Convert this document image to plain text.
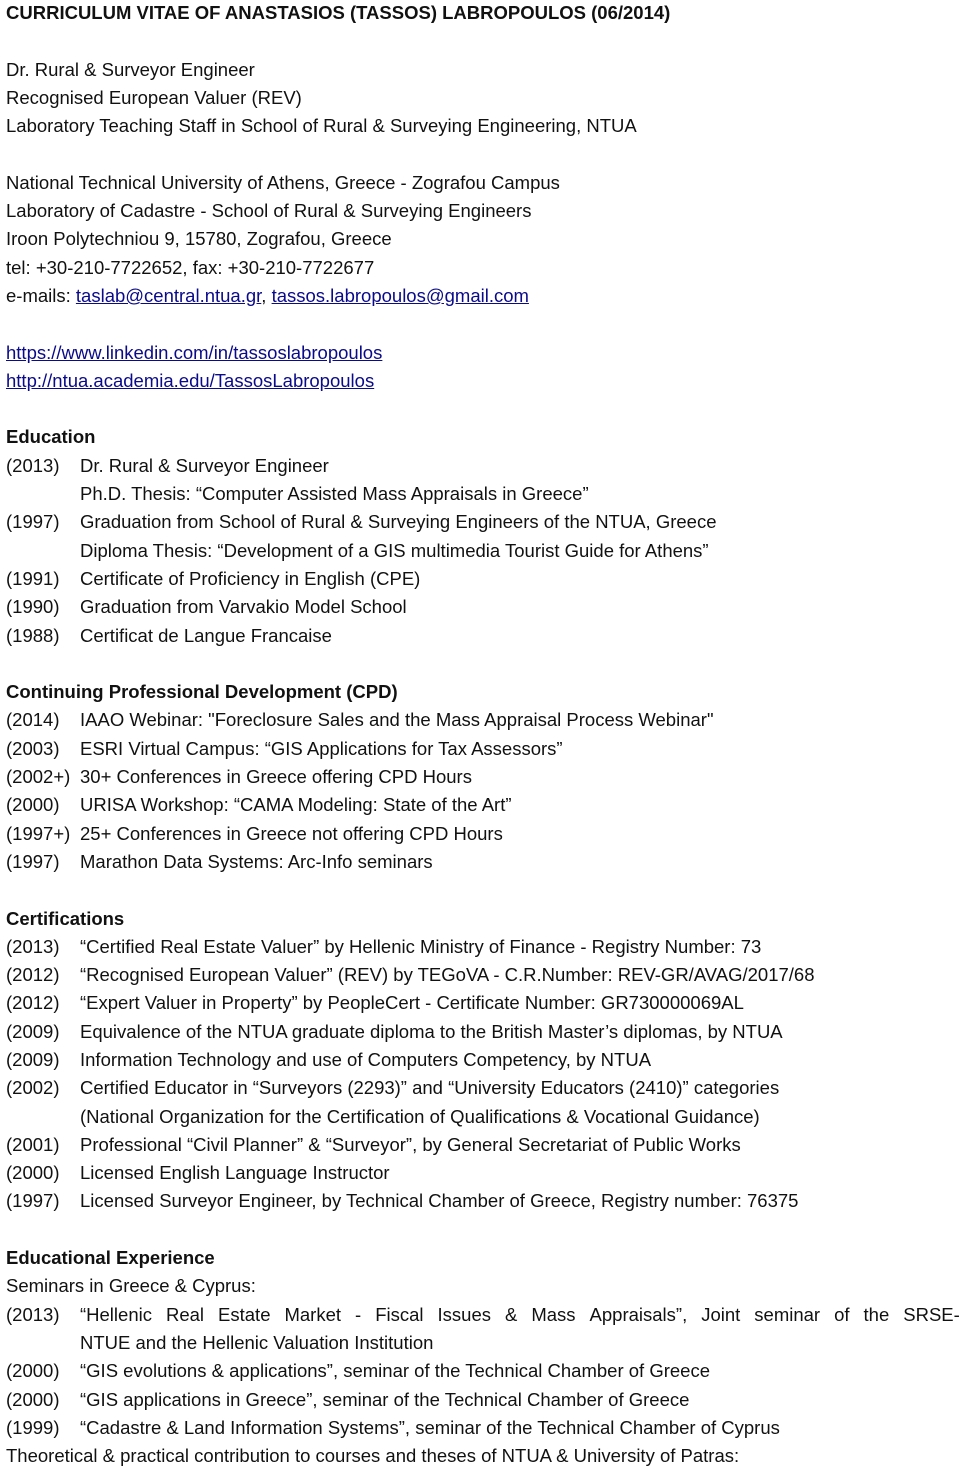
CURRICULUM VITAE OF ANASTASIOS (TASSOS) LABROPOULOS (06/2014)
Dr. Rural & Surveyor Engineer
Recognised European Valuer (REV)
Laboratory Teaching Staff in School of Rural & Surveying Engineering, NTUA
National Technical University of Athens, Greece - Zografou Campus
Laboratory of Cadastre - School of Rural & Surveying Engineers
Iroon Polytechniou 9, 15780, Zografou, Greece
tel: +30-210-7722652, fax: +30-210-7722677
e-mails: taslab@central.ntua.gr, tassos.labropoulos@gmail.com
https://www.linkedin.com/in/tassoslabropoulos
http://ntua.academia.edu/TassosLabropoulos
Education
(2013)	Dr. Rural & Surveyor Engineer
Ph.D. Thesis: “Computer Assisted Mass Appraisals in Greece”
(1997)	Graduation from School of Rural & Surveying Engineers of the NTUA, Greece
Diploma Thesis: “Development of a GIS multimedia Tourist Guide for Athens”
(1991)	Certificate of Proficiency in English (CPE)
(1990)	Graduation from Varvakio Model School
(1988)	Certificat de Langue Francaise
Continuing Professional Development (CPD)
(2014)	IAAO Webinar: "Foreclosure Sales and the Mass Appraisal Process Webinar"
(2003)	ESRI Virtual Campus: “GIS Applications for Tax Assessors”
(2002+) 30+ Conferences in Greece offering CPD Hours
(2000)	URISA Workshop: “CAMA Modeling: State of the Art”
(1997+) 25+ Conferences in Greece not offering CPD Hours
(1997)	Marathon Data Systems: Arc-Info seminars
Certifications
(2013)	“Certified Real Estate Valuer” by Hellenic Ministry of Finance - Registry Number: 73
(2012)	“Recognised European Valuer” (REV) by TEGoVA - C.R.Number: REV-GR/AVAG/2017/68
(2012)	“Expert Valuer in Property” by PeopleCert - Certificate Number: GR730000069AL
(2009)	Equivalence of the NTUA graduate diploma to the British Master’s diplomas, by NTUA
(2009)	Information Technology and use of Computers Competency, by NTUA
(2002)	Certified Educator in “Surveyors (2293)” and “University Educators (2410)” categories
(National Organization for the Certification of Qualifications & Vocational Guidance)
(2001)	Professional “Civil Planner” & “Surveyor”, by General Secretariat of Public Works
(2000)	Licensed English Language Instructor
(1997)	Licensed Surveyor Engineer, by Technical Chamber of Greece, Registry number: 76375
Educational Experience
Seminars in Greece & Cyprus:
(2013)	“Hellenic Real Estate Market - Fiscal Issues & Mass Appraisals”, Joint seminar of the SRSE-
NTUE and the Hellenic Valuation Institution
(2000)	“GIS evolutions & applications”, seminar of the Technical Chamber of Greece
(2000)	“GIS applications in Greece”, seminar of the Technical Chamber of Greece
(1999)	“Cadastre & Land Information Systems”, seminar of the Technical Chamber of Cyprus
Theoretical & practical contribution to courses and theses of NTUA & University of Patras:
